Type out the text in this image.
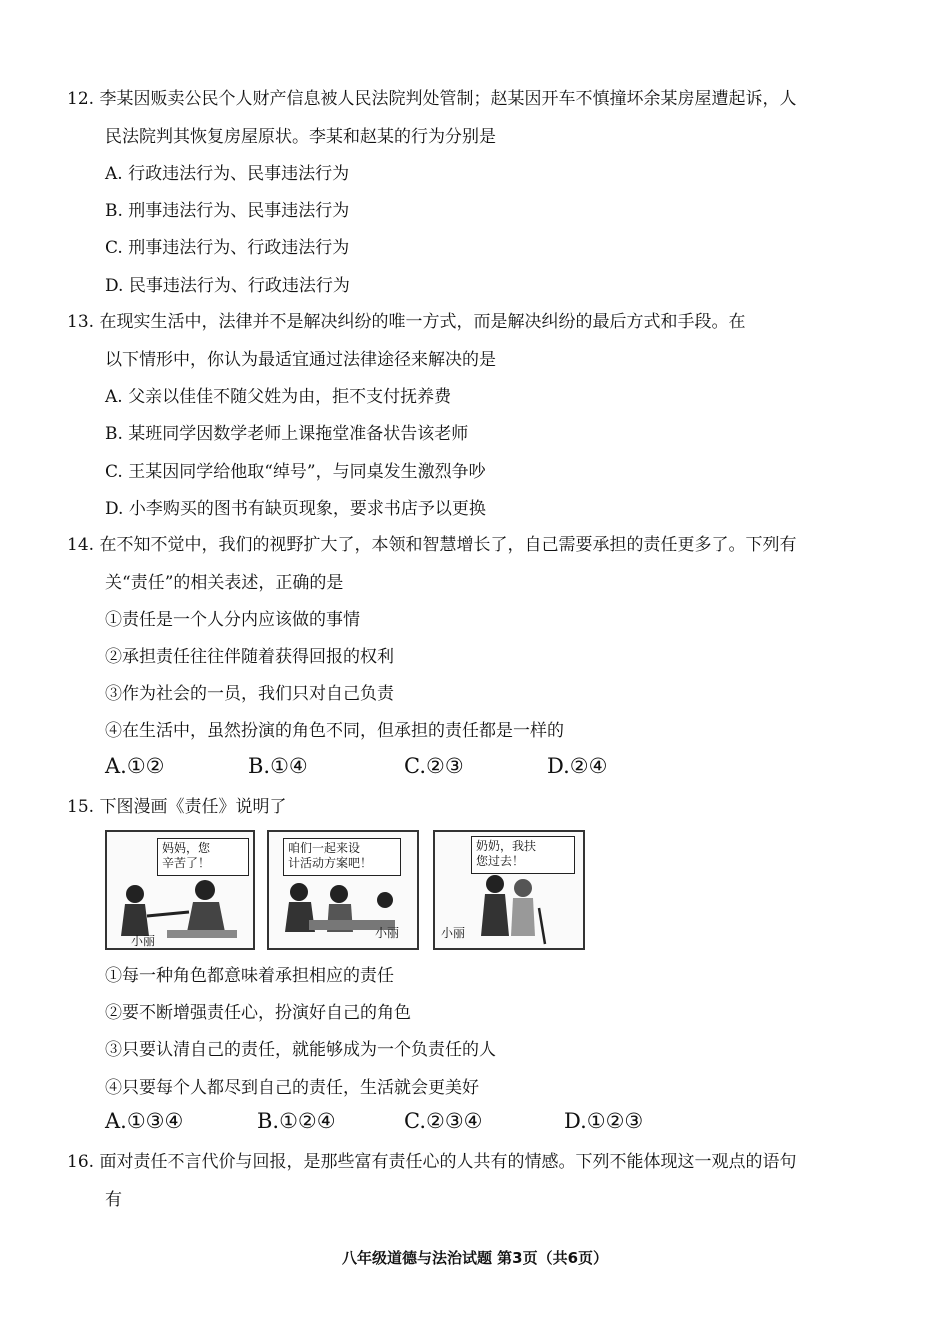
12. 李某因贩卖公民个人财产信息被人民法院判处管制；赵某因开车不慎撞坏余某房屋遭起诉，人
民法院判其恢复房屋原状。李某和赵某的行为分别是
A. 行政违法行为、民事违法行为
B. 刑事违法行为、民事违法行为
C. 刑事违法行为、行政违法行为
D. 民事违法行为、行政违法行为
13. 在现实生活中，法律并不是解决纠纷的唯一方式，而是解决纠纷的最后方式和手段。在
以下情形中，你认为最适宜通过法律途径来解决的是
A. 父亲以佳佳不随父姓为由，拒不支付抚养费
B. 某班同学因数学老师上课拖堂准备状告该老师
C. 王某因同学给他取“绰号”，与同桌发生激烈争吵
D. 小李购买的图书有缺页现象，要求书店予以更换
14. 在不知不觉中，我们的视野扩大了，本领和智慧增长了，自己需要承担的责任更多了。下列有
关“责任”的相关表述，正确的是
①责任是一个人分内应该做的事情
②承担责任往往伴随着获得回报的权利
③作为社会的一员，我们只对自己负责
④在生活中，虽然扮演的角色不同，但承担的责任都是一样的
A.①②	B.①④	C.②③	D.②④
15. 下图漫画《责任》说明了
妈妈，您
辛苦了！
小丽
咱们一起来设
计活动方案吧！
小丽
奶奶，我扶
您过去！
小丽
①每一种角色都意味着承担相应的责任
②要不断增强责任心，扮演好自己的角色
③只要认清自己的责任，就能够成为一个负责任的人
④只要每个人都尽到自己的责任，生活就会更美好
A.①③④	B.①②④	C.②③④	D.①②③
16. 面对责任不言代价与回报，是那些富有责任心的人共有的情感。下列不能体现这一观点的语句
有
八年级道德与法治试题 第3页（共6页）
